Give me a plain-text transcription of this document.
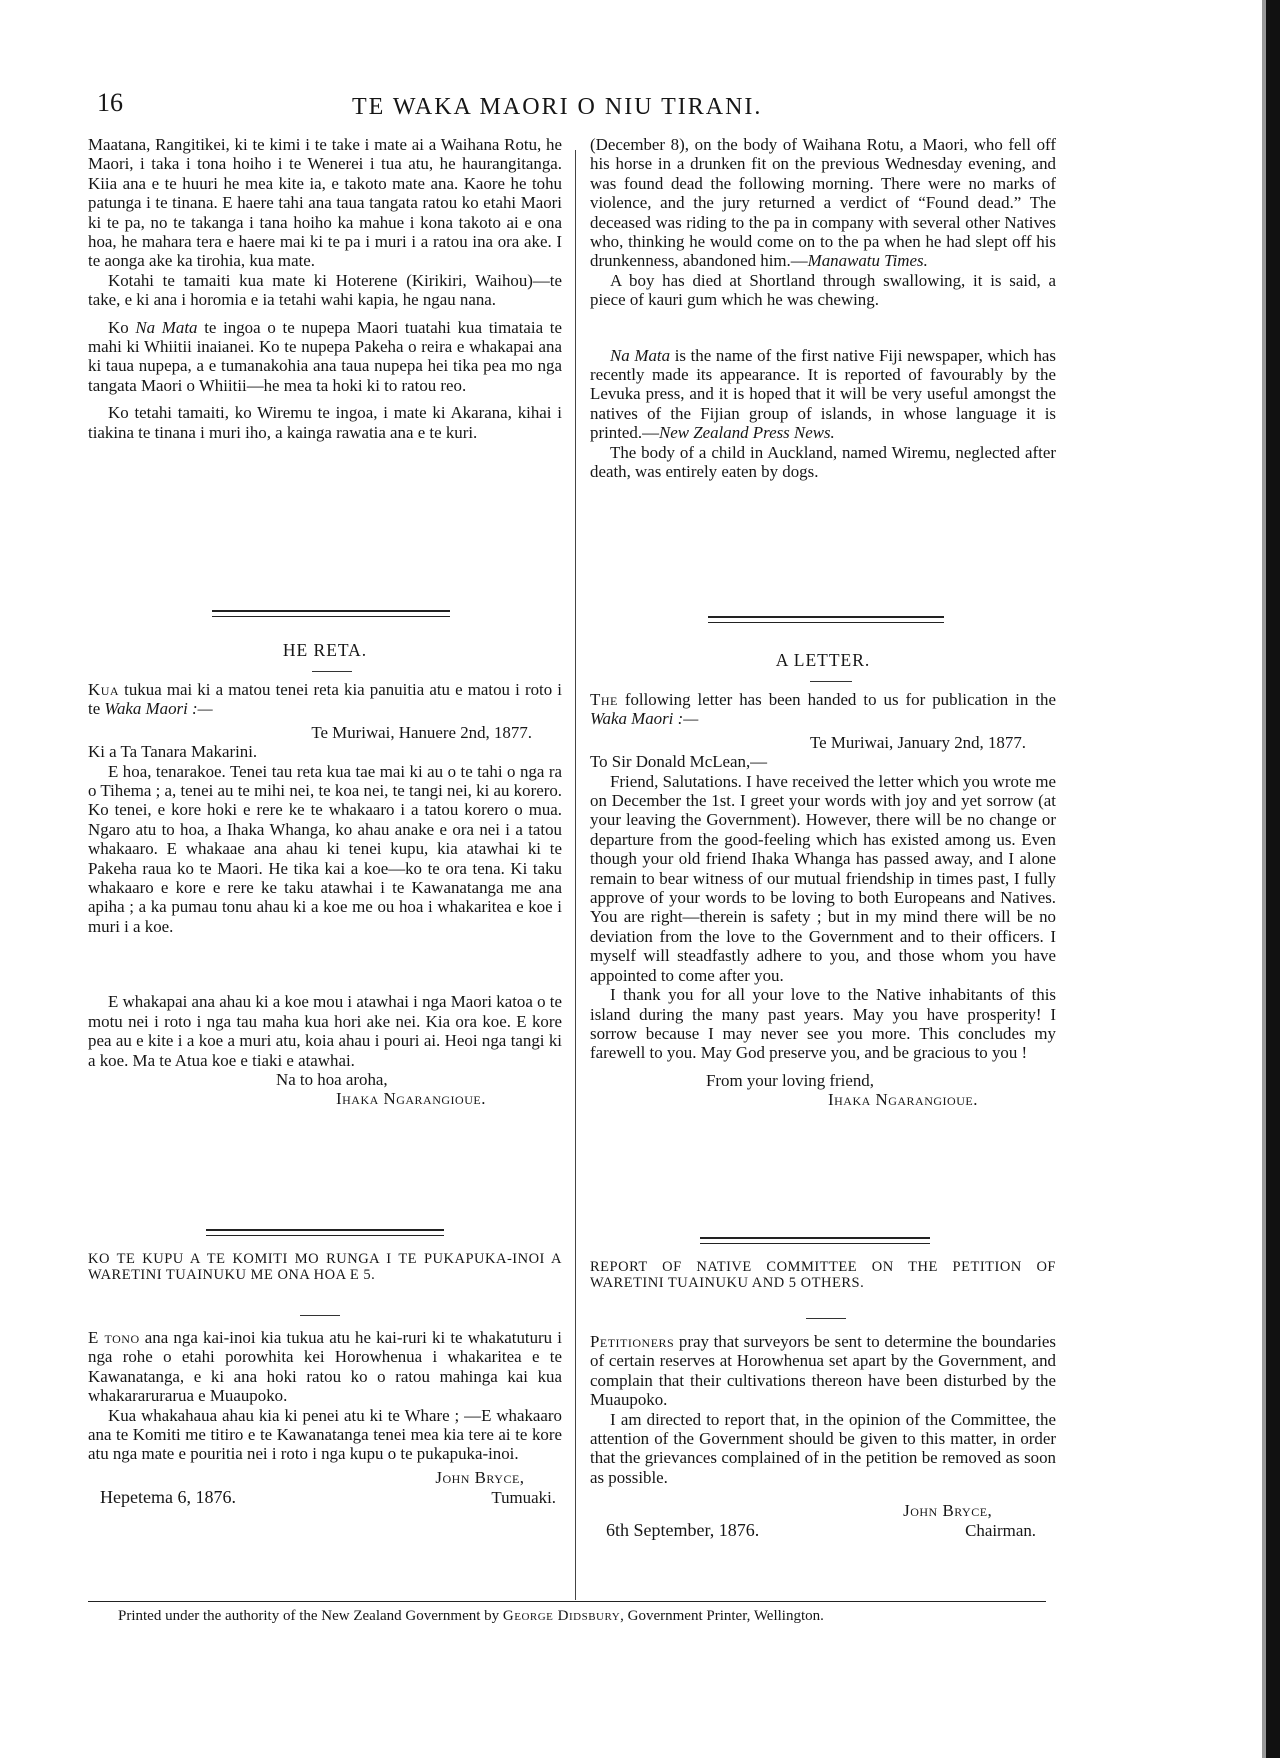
16	TE WAKA MAORI O NIU TIRANI.

Maatana, Rangitikei, ki te kimi i te take i mate ai a Waihana Rotu, he Maori, i taka i tona hoiho i te Wenerei i tua atu, he haurangitanga. Kiia ana e te huuri he mea kite ia, e takoto mate ana. Kaore he tohu patunga i te tinana. E haere tahi ana taua tangata ratou ko etahi Maori ki te pa, no te takanga i tana hoiho ka mahue i kona takoto ai e ona hoa, he mahara tera e haere mai ki te pa i muri i a ratou ina ora ake. I te aonga ake ka tirohia, kua mate.

Kotahi te tamaiti kua mate ki Hoterene (Kirikiri, Waihou)—te take, e ki ana i horomia e ia tetahi wahi kapia, he ngau nana.

Ko Na Mata te ingoa o te nupepa Maori tuatahi kua timataia te mahi ki Whiitii inaianei. Ko te nupepa Pakeha o reira e whakapai ana ki taua nupepa, a e tumanakohia ana taua nupepa hei tika pea mo nga tangata Maori o Whiitii—he mea ta hoki ki to ratou reo.

Ko tetahi tamaiti, ko Wiremu te ingoa, i mate ki Akarana, kihai i tiakina te tinana i muri iho, a kainga rawatia ana e te kuri.

(December 8), on the body of Waihana Rotu, a Maori, who fell off his horse in a drunken fit on the previous Wednesday evening, and was found dead the following morning. There were no marks of violence, and the jury returned a verdict of “Found dead.” The deceased was riding to the pa in company with several other Natives who, thinking he would come on to the pa when he had slept off his drunkenness, abandoned him.—Manawatu Times.

A boy has died at Shortland through swallowing, it is said, a piece of kauri gum which he was chewing.

Na Mata is the name of the first native Fiji newspaper, which has recently made its appearance. It is reported of favourably by the Levuka press, and it is hoped that it will be very useful amongst the natives of the Fijian group of islands, in whose language it is printed.—New Zealand Press News.

The body of a child in Auckland, named Wiremu, neglected after death, was entirely eaten by dogs.

HE RETA.	A LETTER.

Kua tukua mai ki a matou tenei reta kia panuitia atu e matou i roto i te Waka Maori :—

Te Muriwai, Hanuere 2nd, 1877.

Ki a Ta Tanara Makarini.

E hoa, tenarakoe. Tenei tau reta kua tae mai ki au o te tahi o nga ra o Tihema ; a, tenei au te mihi nei, te koa nei, te tangi nei, ki au korero. Ko tenei, e kore hoki e rere ke te whakaaro i a tatou korero o mua. Ngaro atu to hoa, a Ihaka Whanga, ko ahau anake e ora nei i a tatou whakaaro. E whakaae ana ahau ki tenei kupu, kia atawhai ki te Pakeha raua ko te Maori. He tika kai a koe—ko te ora tena. Ki taku whakaaro e kore e rere ke taku atawhai i te Kawanatanga me ana apiha ; a ka pumau tonu ahau ki a koe me ou hoa i whakaritea e koe i muri i a koe.

E whakapai ana ahau ki a koe mou i atawhai i nga Maori katoa o te motu nei i roto i nga tau maha kua hori ake nei. Kia ora koe. E kore pea au e kite i a koe a muri atu, koia ahau i pouri ai. Heoi nga tangi ki a koe. Ma te Atua koe e tiaki e atawhai.

Na to hoa aroha,

Ihaka Ngarangioue.

The following letter has been handed to us for publication in the Waka Maori :—

Te Muriwai, January 2nd, 1877.

To Sir Donald McLean,—

Friend, Salutations. I have received the letter which you wrote me on December the 1st. I greet your words with joy and yet sorrow (at your leaving the Government). However, there will be no change or departure from the good-feeling which has existed among us. Even though your old friend Ihaka Whanga has passed away, and I alone remain to bear witness of our mutual friendship in times past, I fully approve of your words to be loving to both Europeans and Natives. You are right—therein is safety ; but in my mind there will be no deviation from the love to the Government and to their officers. I myself will steadfastly adhere to you, and those whom you have appointed to come after you.

I thank you for all your love to the Native inhabitants of this island during the many past years. May you have prosperity! I sorrow because I may never see you more. This concludes my farewell to you. May God preserve you, and be gracious to you !

From your loving friend,

Ihaka Ngarangioue.

KO TE KUPU A TE KOMITI MO RUNGA I TE PUKAPUKA-INOI A WARETINI TUAINUKU ME ONA HOA E 5.	REPORT OF NATIVE COMMITTEE ON THE PETITION OF WARETINI TUAINUKU AND 5 OTHERS.

E tono ana nga kai-inoi kia tukua atu he kai-ruri ki te whakatuturu i nga rohe o etahi porowhita kei Horowhenua i whakaritea e te Kawanatanga, e ki ana hoki ratou ko o ratou mahinga kai kua whakararurarua e Muaupoko.

Kua whakahaua ahau kia ki penei atu ki te Whare ; —E whakaaro ana te Komiti me titiro e te Kawanatanga tenei mea kia tere ai te kore atu nga mate e pouritia nei i roto i nga kupu o te pukapuka-inoi.

Hepetema 6, 1876.
John Bryce,
Tumuaki.

Petitioners pray that surveyors be sent to determine the boundaries of certain reserves at Horowhenua set apart by the Government, and complain that their cultivations thereon have been disturbed by the Muaupoko.

I am directed to report that, in the opinion of the Committee, the attention of the Government should be given to this matter, in order that the grievances complained of in the petition be removed as soon as possible.

6th September, 1876.
John Bryce,
Chairman.
Printed under the authority of the New Zealand Government by George Didsbury, Government Printer, Wellington.
